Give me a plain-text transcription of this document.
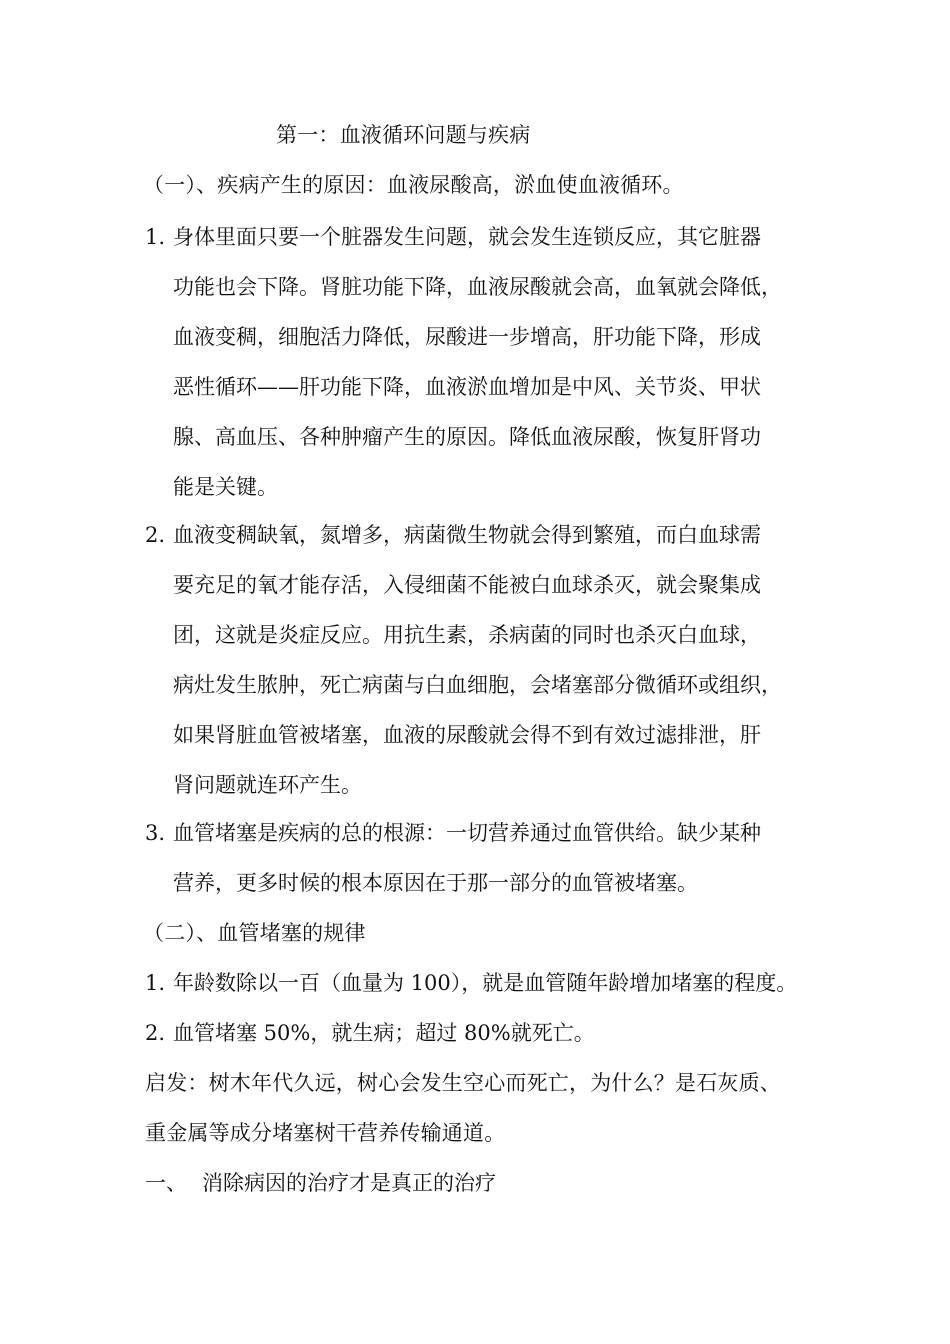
第一：血液循环问题与疾病
（一）、疾病产生的原因：血液尿酸高，淤血使血液循环。
1. 身体里面只要一个脏器发生问题，就会发生连锁反应，其它脏器
功能也会下降。肾脏功能下降，血液尿酸就会高，血氧就会降低，
血液变稠，细胞活力降低，尿酸进一步增高，肝功能下降，形成
恶性循环——肝功能下降，血液淤血增加是中风、关节炎、甲状
腺、高血压、各种肿瘤产生的原因。降低血液尿酸，恢复肝肾功
能是关键。
2. 血液变稠缺氧，氮增多，病菌微生物就会得到繁殖，而白血球需
要充足的氧才能存活，入侵细菌不能被白血球杀灭，就会聚集成
团，这就是炎症反应。用抗生素，杀病菌的同时也杀灭白血球，
病灶发生脓肿，死亡病菌与白血细胞，会堵塞部分微循环或组织，
如果肾脏血管被堵塞，血液的尿酸就会得不到有效过滤排泄，肝
肾问题就连环产生。
3. 血管堵塞是疾病的总的根源：一切营养通过血管供给。缺少某种
营养，更多时候的根本原因在于那一部分的血管被堵塞。
（二）、血管堵塞的规律
1. 年龄数除以一百（血量为 100），就是血管随年龄增加堵塞的程度。
2. 血管堵塞 50%，就生病；超过 80%就死亡。
启发：树木年代久远，树心会发生空心而死亡，为什么？是石灰质、
重金属等成分堵塞树干营养传输通道。
一、 消除病因的治疗才是真正的治疗
